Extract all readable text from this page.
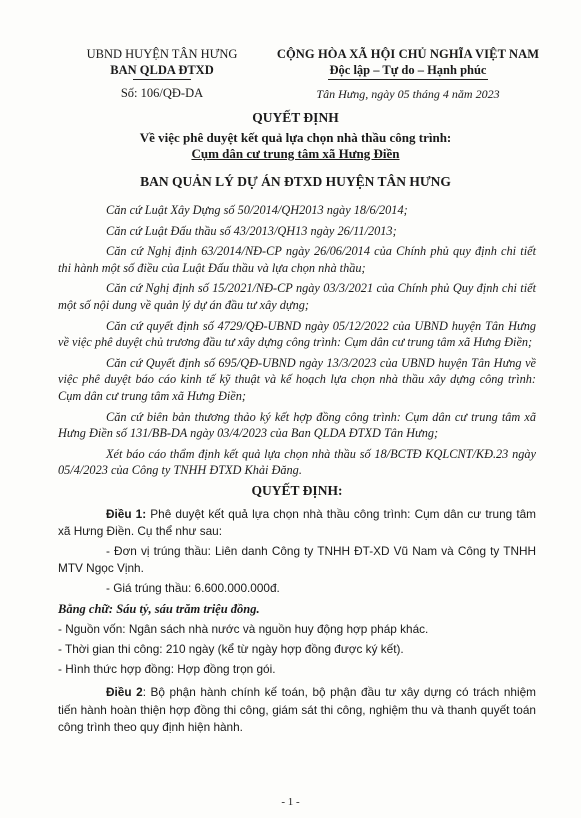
UBND HUYỆN TÂN HƯNG
BAN QLDA ĐTXD
Số: 106/QĐ-DA
CỘNG HÒA XÃ HỘI CHỦ NGHĨA VIỆT NAM
Độc lập – Tự do – Hạnh phúc
Tân Hưng, ngày 05 tháng 4 năm 2023
QUYẾT ĐỊNH
Về việc phê duyệt kết quả lựa chọn nhà thầu công trình:
Cụm dân cư trung tâm xã Hưng Điền
BAN QUẢN LÝ DỰ ÁN ĐTXD HUYỆN TÂN HƯNG

Căn cứ Luật Xây Dựng số 50/2014/QH2013 ngày 18/6/2014;

Căn cứ Luật Đấu thầu số 43/2013/QH13 ngày 26/11/2013;

Căn cứ Nghị định 63/2014/NĐ-CP ngày 26/06/2014 của Chính phủ quy định chi tiết thi hành một số điều của Luật Đấu thầu và lựa chọn nhà thầu;

Căn cứ Nghị định số 15/2021/NĐ-CP ngày 03/3/2021 của Chính phủ Quy định chi tiết một số nội dung về quản lý dự án đầu tư xây dựng;

Căn cứ quyết định số 4729/QĐ-UBND ngày 05/12/2022 của UBND huyện Tân Hưng về việc phê duyệt chủ trương đầu tư xây dựng công trình: Cụm dân cư trung tâm xã Hưng Điền;

Căn cứ Quyết định số 695/QĐ-UBND ngày 13/3/2023 của UBND huyện Tân Hưng về việc phê duyệt báo cáo kinh tế kỹ thuật và kế hoạch lựa chọn nhà thầu xây dựng công trình: Cụm dân cư trung tâm xã Hưng Điền;

Căn cứ biên bản thương thảo ký kết hợp đồng công trình: Cụm dân cư trung tâm xã Hưng Điền số 131/BB-DA ngày 03/4/2023 của Ban QLDA ĐTXD Tân Hưng;

Xét báo cáo thẩm định kết quả lựa chọn nhà thầu số 18/BCTĐ KQLCNT/KĐ.23 ngày 05/4/2023 của Công ty TNHH ĐTXD Khải Đăng.

QUYẾT ĐỊNH:

Điều 1: Phê duyệt kết quả lựa chọn nhà thầu công trình: Cụm dân cư trung tâm xã Hưng Điền. Cụ thể như sau:

- Đơn vị trúng thầu: Liên danh Công ty TNHH ĐT-XD Vũ Nam và Công ty TNHH MTV Ngọc Vịnh.

- Giá trúng thầu: 6.600.000.000đ.

Bằng chữ: Sáu tỷ, sáu trăm triệu đồng.

- Nguồn vốn: Ngân sách nhà nước và nguồn huy động hợp pháp khác.

- Thời gian thi công: 210 ngày (kể từ ngày hợp đồng được ký kết).

- Hình thức hợp đồng: Hợp đồng trọn gói.

Điều 2: Bộ phận hành chính kế toán, bộ phận đầu tư xây dựng có trách nhiệm tiến hành hoàn thiện hợp đồng thi công, giám sát thi công, nghiệm thu và thanh quyết toán công trình theo quy định hiện hành.

- 1 -
